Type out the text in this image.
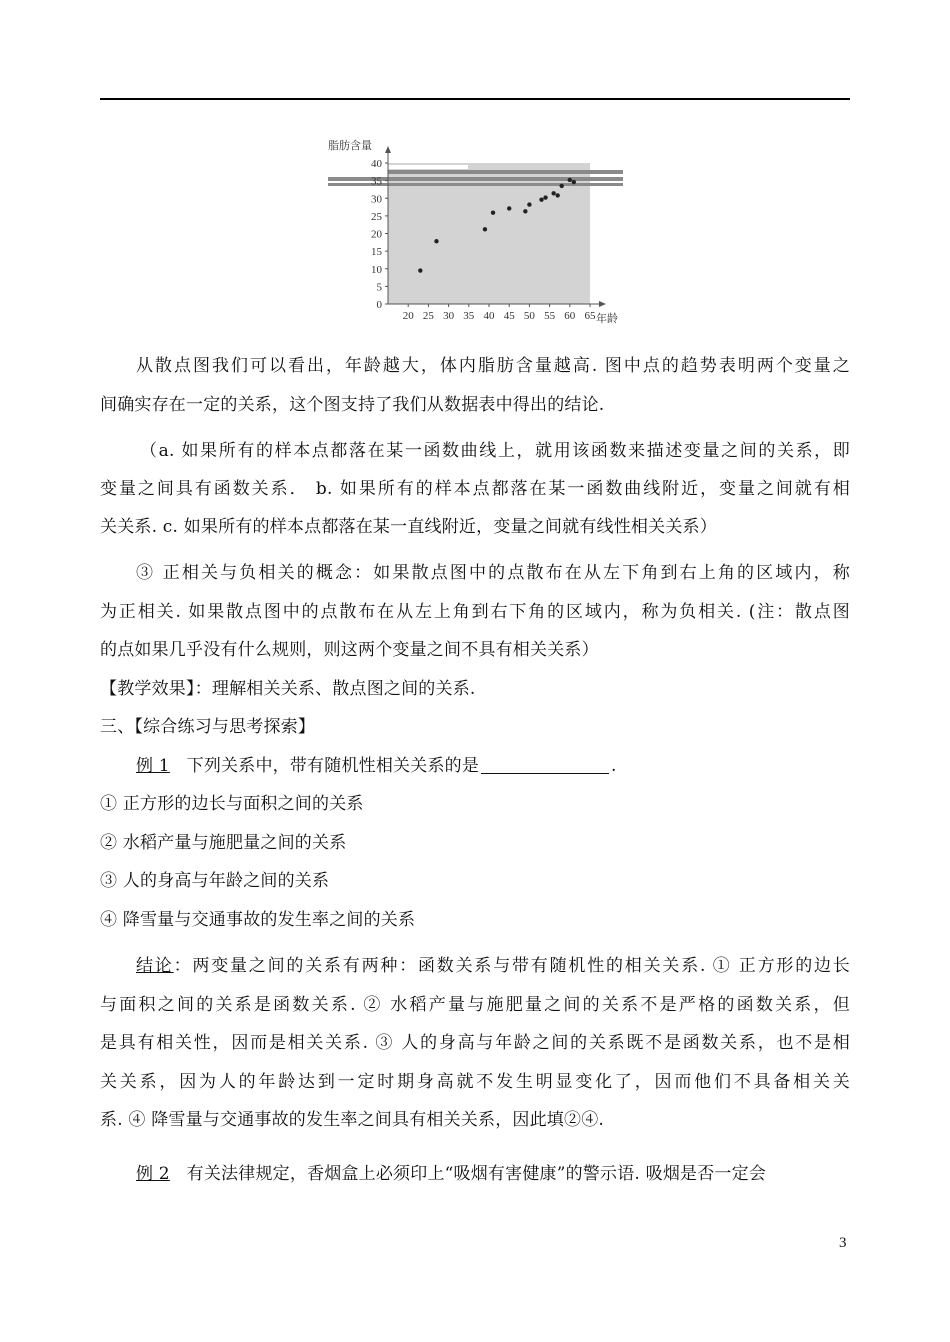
脂肪含量
年龄
0
5
10
15
20
25
30
35
40
20 25 30 35 40 45 50 55 60 65
从散点图我们可以看出，年龄越大，体内脂肪含量越高. 图中点的趋势表明两个变量之
间确实存在一定的关系，这个图支持了我们从数据表中得出的结论.
（a. 如果所有的样本点都落在某一函数曲线上，就用该函数来描述变量之间的关系，即
变量之间具有函数关系． b. 如果所有的样本点都落在某一函数曲线附近，变量之间就有相
关关系. c. 如果所有的样本点都落在某一直线附近，变量之间就有线性相关关系）
③ 正相关与负相关的概念：如果散点图中的点散布在从左下角到右上角的区域内，称
为正相关. 如果散点图中的点散布在从左上角到右下角的区域内，称为负相关. (注：散点图
的点如果几乎没有什么规则，则这两个变量之间不具有相关关系）
【教学效果】：理解相关关系、散点图之间的关系.
三、【综合练习与思考探索】
例 1 下列关系中，带有随机性相关关系的是	.
① 正方形的边长与面积之间的关系
② 水稻产量与施肥量之间的关系
③ 人的身高与年龄之间的关系
④ 降雪量与交通事故的发生率之间的关系
结论：两变量之间的关系有两种：函数关系与带有随机性的相关关系. ① 正方形的边长
与面积之间的关系是函数关系. ② 水稻产量与施肥量之间的关系不是严格的函数关系，但
是具有相关性，因而是相关关系. ③ 人的身高与年龄之间的关系既不是函数关系，也不是相
关关系，因为人的年龄达到一定时期身高就不发生明显变化了，因而他们不具备相关关
系. ④ 降雪量与交通事故的发生率之间具有相关关系，因此填②④.
例 2 有关法律规定，香烟盒上必须印上“吸烟有害健康”的警示语. 吸烟是否一定会
3
